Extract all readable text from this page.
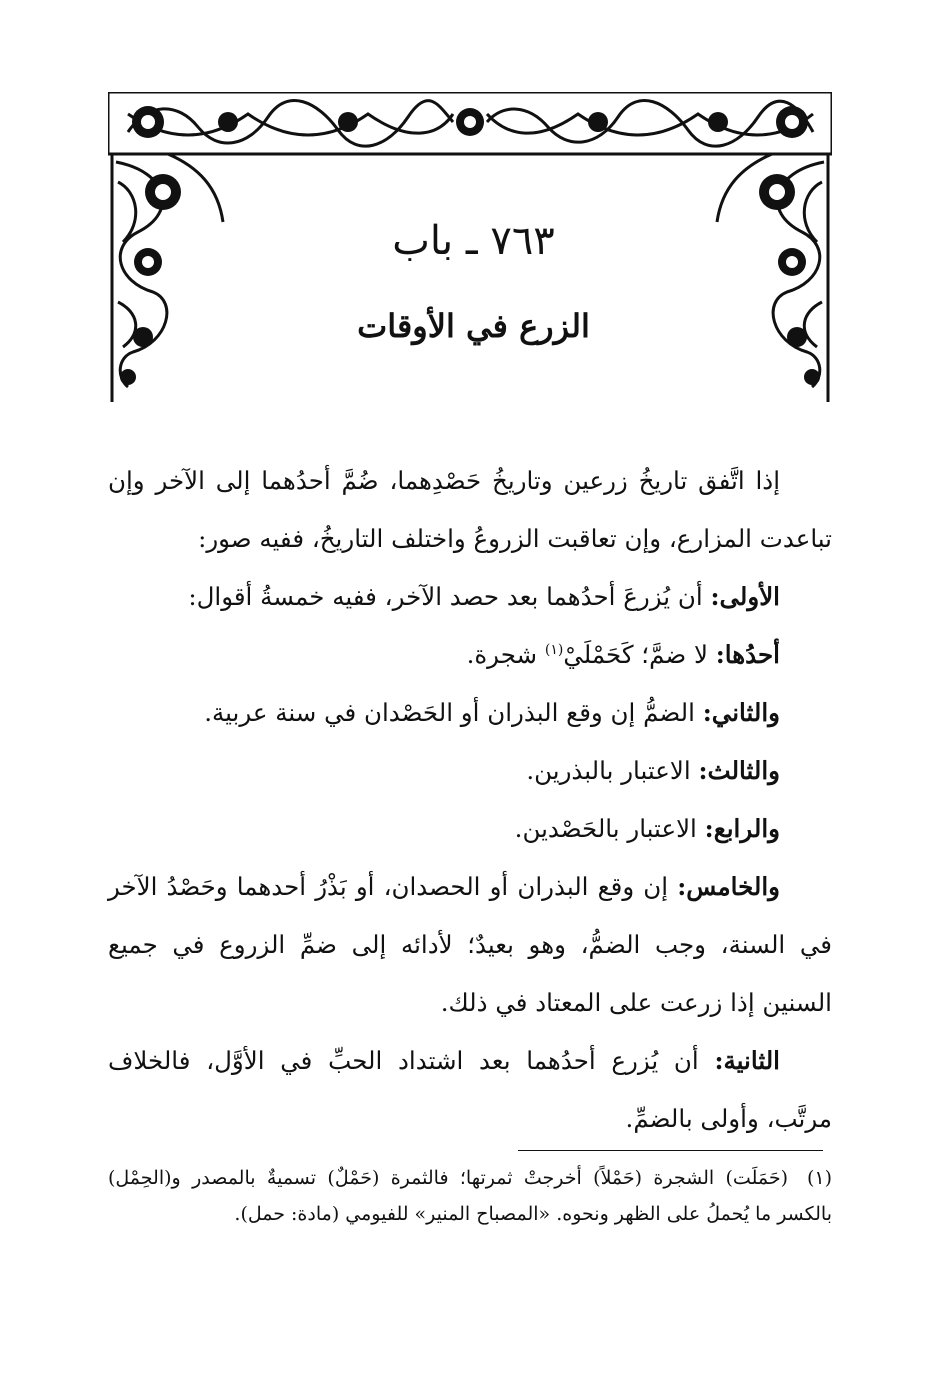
٧٦٣ ـ باب
الزرع في الأوقات

إذا اتَّفق تاريخُ زرعين وتاريخُ حَصْدِهما، ضُمَّ أحدُهما إلى الآخر وإن تباعدت المزارع، وإن تعاقبت الزروعُ واختلف التاريخُ، ففيه صور:

الأولى: أن يُزرعَ أحدُهما بعد حصد الآخر، ففيه خمسةُ أقوال:

أحدُها: لا ضمَّ؛ كَحَمْلَيْ$^{(١)}$ شجرة.

والثاني: الضمُّ إن وقع البذران أو الحَصْدان في سنة عربية.

والثالث: الاعتبار بالبذرين.

والرابع: الاعتبار بالحَصْدين.

والخامس: إن وقع البذران أو الحصدان، أو بَذْرُ أحدهما وحَصْدُ الآخر في السنة، وجب الضمُّ، وهو بعيدٌ؛ لأدائه إلى ضمِّ الزروع في جميع السنين إذا زرعت على المعتاد في ذلك.

الثانية: أن يُزرع أحدُهما بعد اشتداد الحبِّ في الأوَّل، فالخلاف مرتَّب، وأولى بالضمِّ.

(١)(حَمَلَت) الشجرة (حَمْلاً) أخرجتْ ثمرتها؛ فالثمرة (حَمْلٌ) تسميةٌ بالمصدر و(الحِمْل) بالكسر ما يُحملُ على الظهر ونحوه. «المصباح المنير» للفيومي (مادة: حمل).
